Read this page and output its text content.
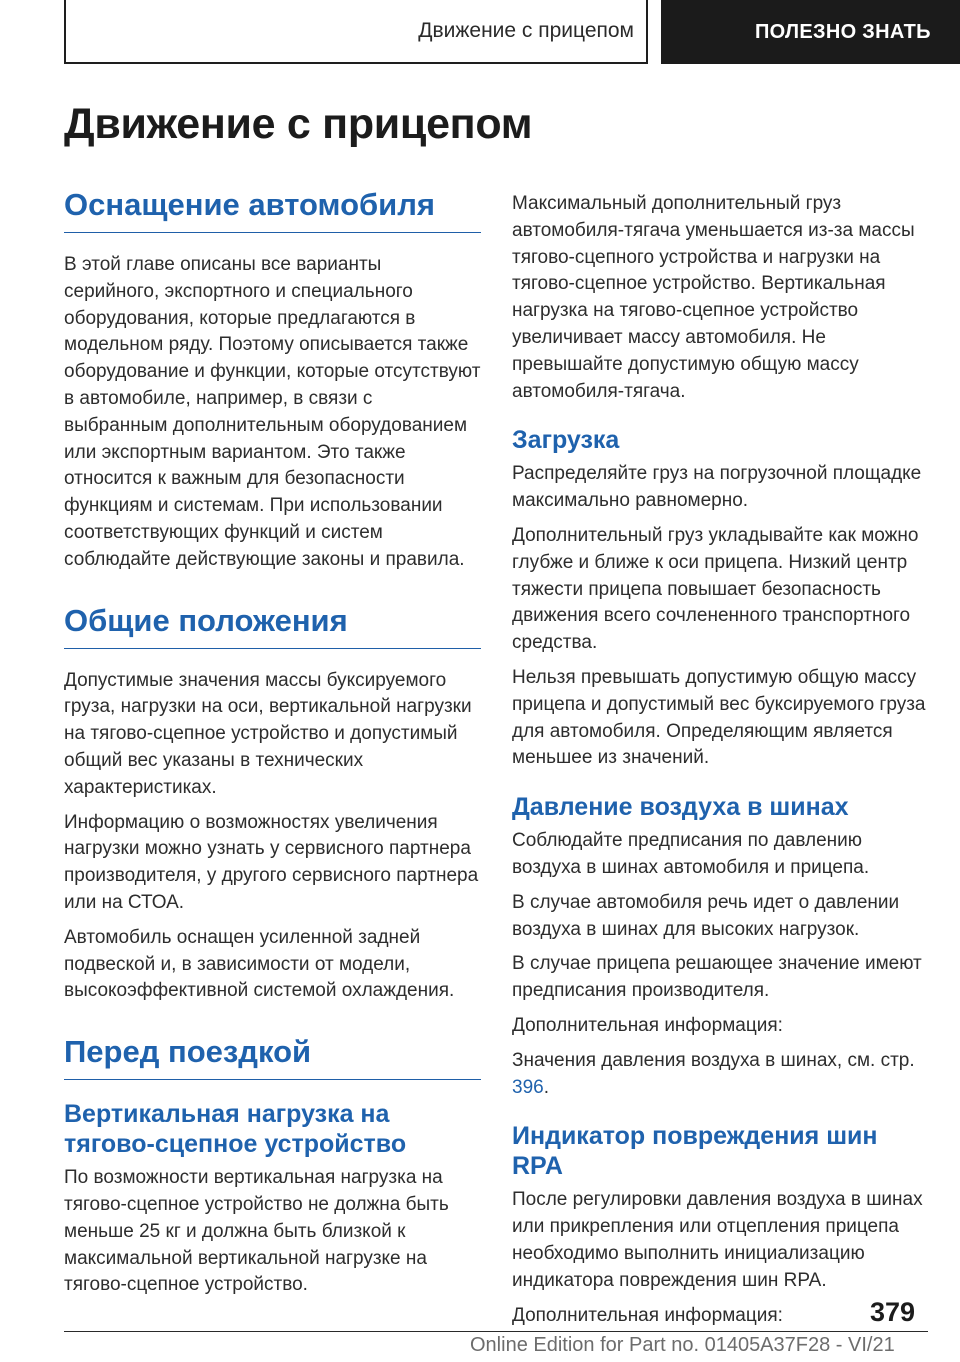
Движение с прицепом	ПОЛЕЗНО ЗНАТЬ
Движение с прицепом
Оснащение автомобиля

В этой главе описаны все варианты серийного, экспортного и специального оборудования, которые предлагаются в модельном ряду. Поэтому описывается также оборудование и функции, которые отсутствуют в автомобиле, например, в связи с выбранным дополнительным оборудованием или экспортным вариантом. Это также относится к важным для безопасности функциям и системам. При использовании соответствующих функций и систем соблюдайте действующие законы и правила.

Общие положения

Допустимые значения массы буксируемого груза, нагрузки на оси, вертикальной нагрузки на тягово-сцепное устройство и допустимый общий вес указаны в технических характеристиках.

Информацию о возможностях увеличения нагрузки можно узнать у сервисного партнера производителя, у другого сервисного партнера или на СТОА.

Автомобиль оснащен усиленной задней подвеской и, в зависимости от модели, высокоэффективной системой охлаждения.

Перед поездкой
Вертикальная нагрузка на тягово-сцепное устройство

По возможности вертикальная нагрузка на тягово-сцепное устройство не должна быть меньше 25 кг и должна быть близкой к максимальной вертикальной нагрузке на тягово-сцепное устройство.

Максимальный дополнительный груз автомобиля-тягача уменьшается из-за массы тягово-сцепного устройства и нагрузки на тягово-сцепное устройство. Вертикальная нагрузка на тягово-сцепное устройство увеличивает массу автомобиля. Не превышайте допустимую общую массу автомобиля-тягача.

Загрузка

Распределяйте груз на погрузочной площадке максимально равномерно.

Дополнительный груз укладывайте как можно глубже и ближе к оси прицепа. Низкий центр тяжести прицепа повышает безопасность движения всего сочлененного транспортного средства.

Нельзя превышать допустимую общую массу прицепа и допустимый вес буксируемого груза для автомобиля. Определяющим является меньшее из значений.

Давление воздуха в шинах

Соблюдайте предписания по давлению воздуха в шинах автомобиля и прицепа.

В случае автомобиля речь идет о давлении воздуха в шинах для высоких нагрузок.

В случае прицепа решающее значение имеют предписания производителя.

Дополнительная информация:

Значения давления воздуха в шинах, см. стр. 396.

Индикатор повреждения шин RPA

После регулировки давления воздуха в шинах или прикрепления или отцепления прицепа необходимо выполнить инициализацию индикатора повреждения шин RPA.

Дополнительная информация:	379
Online Edition for Part no. 01405A37F28 - VI/21
